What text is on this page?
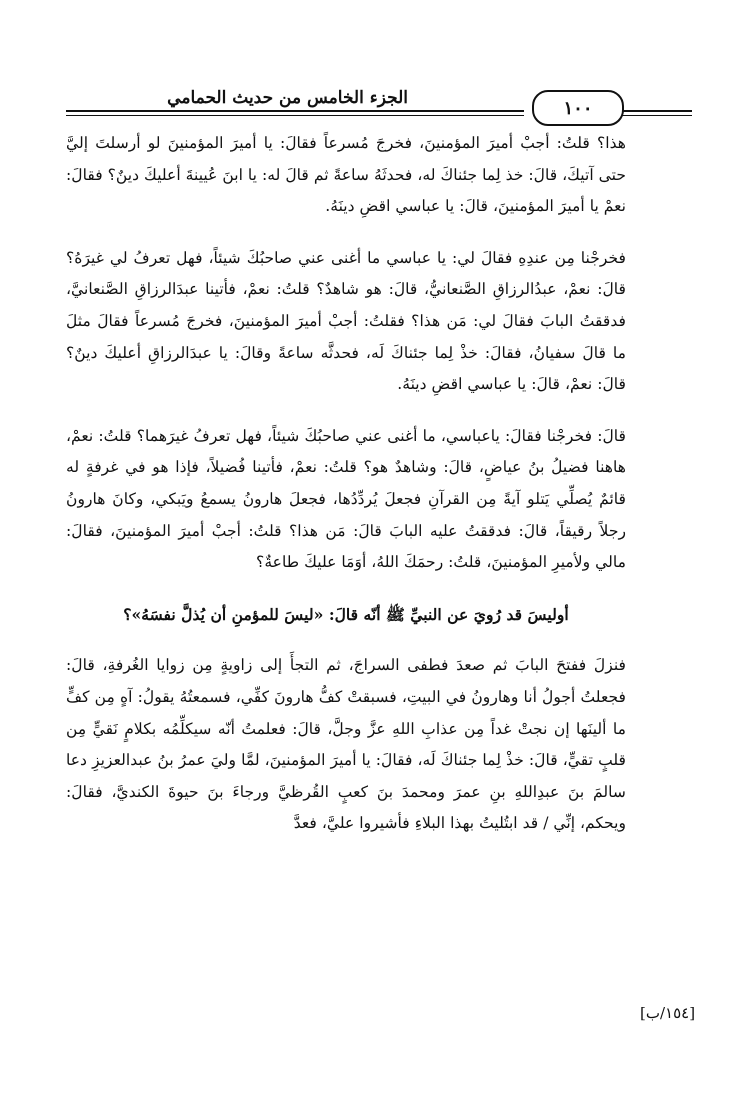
الجزء الخامس من حديث الحمامي	١٠٠

هذا؟ قلتُ: أجبْ أميرَ المؤمنينَ، فخرجَ مُسرعاً فقالَ: يا أميرَ المؤمنينَ لو أرسلتَ إليَّ حتى آتيكَ، قالَ: خذ لِما جئناكَ له، فحدثَهُ ساعةً ثم قالَ له: يا ابنَ عُيينةَ أعليكَ دينٌ؟ فقالَ: نعمْ يا أميرَ المؤمنينَ، قالَ: يا عباسي اقضِ دينَهُ.

فخرجْنا مِن عندِهِ فقالَ لي: يا عباسي ما أغنى عني صاحبُكَ شيئاً، فهل تعرفُ لي غيرَهُ؟ قالَ: نعمْ، عبدُالرزاقِ الصَّنعانيُّ، قالَ: هو شاهدٌ؟ قلتُ: نعمْ، فأتينا عبدَالرزاقِ الصَّنعانيَّ، فدققتُ البابَ فقالَ لي: مَن هذا؟ فقلتُ: أجبْ أميرَ المؤمنينَ، فخرجَ مُسرعاً فقالَ مثلَ ما قالَ سفيانُ، فقالَ: خذْ لِما جئناكَ لَه، فحدثَّه ساعةً وقالَ: يا عبدَالرزاقِ أعليكَ دينٌ؟ قالَ: نعمْ، قالَ: يا عباسي اقضِ دينَهُ.

قالَ: فخرجْنا فقالَ: ياعباسي، ما أغنى عني صاحبُكَ شيئاً، فهل تعرفُ غيرَهما؟ قلتُ: نعمْ، هاهنا فضيلُ بنُ عياضٍ، قالَ: وشاهدٌ هو؟ قلتُ: نعمْ، فأتينا فُضيلاً، فإذا هو في غرفةٍ له قائمٌ يُصلِّي يَتلو آيةً مِن القرآنِ فجعلَ يُردِّدُها، فجعلَ هارونُ يسمعُ ويَبكي، وكانَ هارونُ رجلاً رقيقاً، قالَ: فدققتُ عليه البابَ قالَ: مَن هذا؟ قلتُ: أجبْ أميرَ المؤمنينَ، فقالَ: مالي ولأميرِ المؤمنينَ، قلتُ: رحمَكَ اللهُ، أوَمَا عليكَ طاعةٌ؟

أوليسَ قد رُويَ عن النبيِّ ﷺ أنّه قالَ: «ليسَ للمؤمنِ أن يُذلَّ نفسَهُ»؟

فنزلَ ففتحَ البابَ ثم صعدَ فطفى السراجَ، ثم التجأَ إلى زاويةٍ مِن زوايا الغُرفةِ، قالَ: فجعلتُ أجولُ أنا وهارونُ في البيتِ، فسبقتْ كفُّ هارونَ كفِّي، فسمعتُهُ يقولُ: آهٍ مِن كفٍّ ما ألينَها إن نجتْ غداً مِن عذابِ اللهِ عزَّ وجلَّ، قالَ: فعلمتُ أنّه سيكلِّمُه بكلامٍ نَقيٍّ مِن قلبٍ تقيٍّ، قالَ: خذْ لِما جئناكَ لَه، فقالَ: يا أميرَ المؤمنينَ، لمَّا وليَ عمرُ بنُ عبدالعزيزِ دعا سالمَ بنَ عبدِاللهِ بنِ عمرَ ومحمدَ بنَ كعبٍ القُرظيَّ ورجاءَ بنَ حيوةَ الكنديَّ، فقالَ: ويحكم، إنِّي / قد ابتُليتُ بهذا البلاءِ فأشيروا عليَّ، فعدَّ

[١٥٤/ب]
